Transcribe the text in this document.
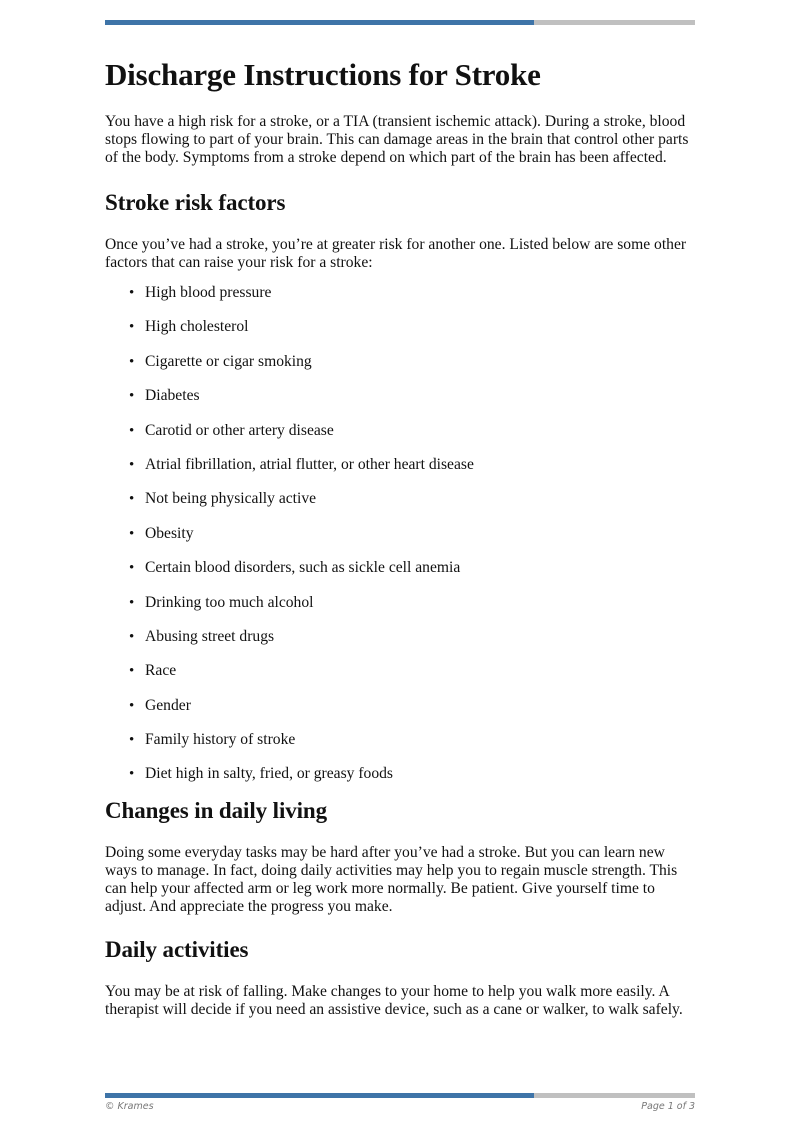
Discharge Instructions for Stroke

You have a high risk for a stroke, or a TIA (transient ischemic attack). During a stroke, blood stops flowing to part of your brain. This can damage areas in the brain that control other parts of the body. Symptoms from a stroke depend on which part of the brain has been affected.

Stroke risk factors

Once you’ve had a stroke, you’re at greater risk for another one. Listed below are some other factors that can raise your risk for a stroke:

• High blood pressure
• High cholesterol
• Cigarette or cigar smoking
• Diabetes
• Carotid or other artery disease
• Atrial fibrillation, atrial flutter, or other heart disease
• Not being physically active
• Obesity
• Certain blood disorders, such as sickle cell anemia
• Drinking too much alcohol
• Abusing street drugs
• Race
• Gender
• Family history of stroke
• Diet high in salty, fried, or greasy foods
Changes in daily living

Doing some everyday tasks may be hard after you’ve had a stroke. But you can learn new ways to manage. In fact, doing daily activities may help you to regain muscle strength. This can help your affected arm or leg work more normally. Be patient. Give yourself time to adjust. And appreciate the progress you make.

Daily activities

You may be at risk of falling. Make changes to your home to help you walk more easily. A therapist will decide if you need an assistive device, such as a cane or walker, to walk safely.

© Krames	Page 1 of 3
